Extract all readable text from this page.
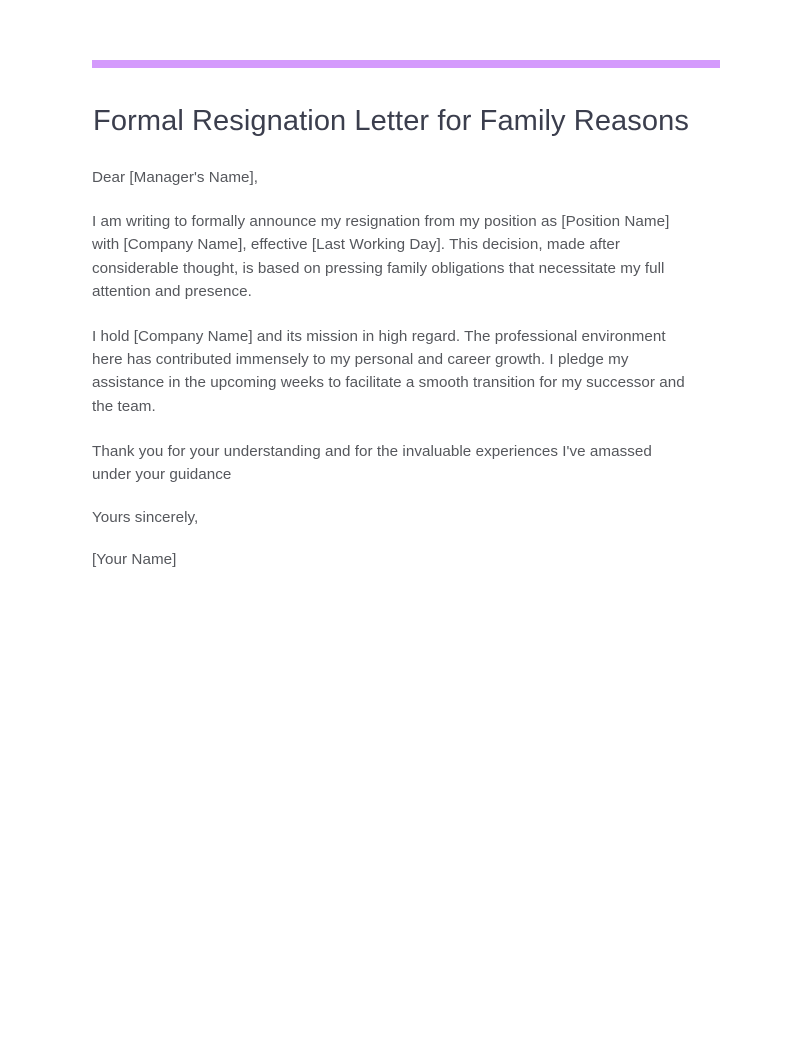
Formal Resignation Letter for Family Reasons

Dear [Manager's Name],

I am writing to formally announce my resignation from my position as [Position Name] with [Company Name], effective [Last Working Day]. This decision, made after considerable thought, is based on pressing family obligations that necessitate my full attention and presence.

I hold [Company Name] and its mission in high regard. The professional environment here has contributed immensely to my personal and career growth. I pledge my assistance in the upcoming weeks to facilitate a smooth transition for my successor and the team.

Thank you for your understanding and for the invaluable experiences I've amassed under your guidance

Yours sincerely,

[Your Name]
